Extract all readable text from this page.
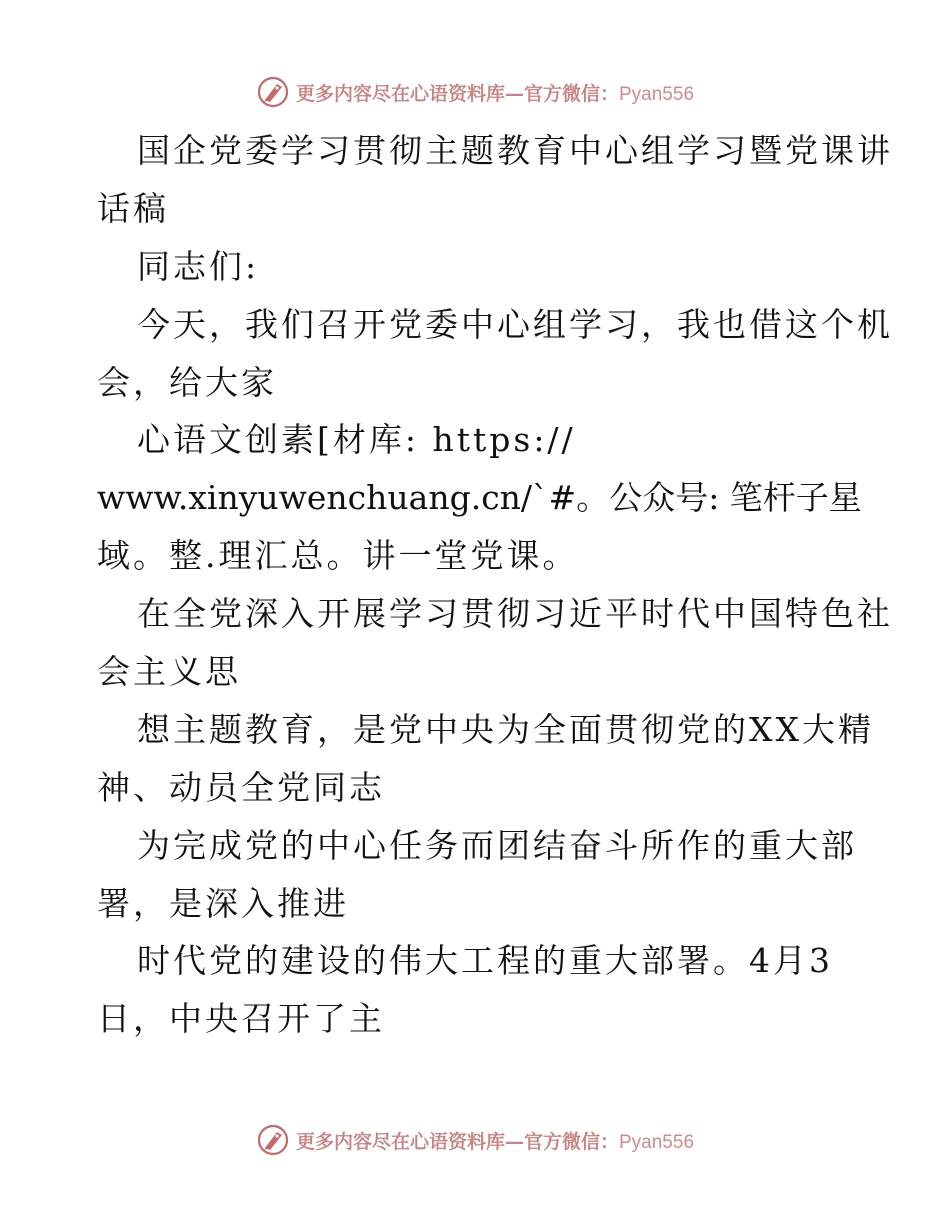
更多内容尽在心语资料库—官方微信：Pyan556
国企党委学习贯彻主题教育中心组学习暨党课讲
话稿
同志们:
今天，我们召开党委中心组学习，我也借这个机
会，给大家
心语文创素[材库: https://
www.xinyuwenchuang.cn/`#。公众号: 笔杆子星
域。整.理汇总。讲一堂党课。
在全党深入开展学习贯彻习近平时代中国特色社
会主义思
想主题教育，是党中央为全面贯彻党的XX大精
神、动员全党同志
为完成党的中心任务而团结奋斗所作的重大部
署，是深入推进
时代党的建设的伟大工程的重大部署。4月3
日，中央召开了主
更多内容尽在心语资料库—官方微信：Pyan556
